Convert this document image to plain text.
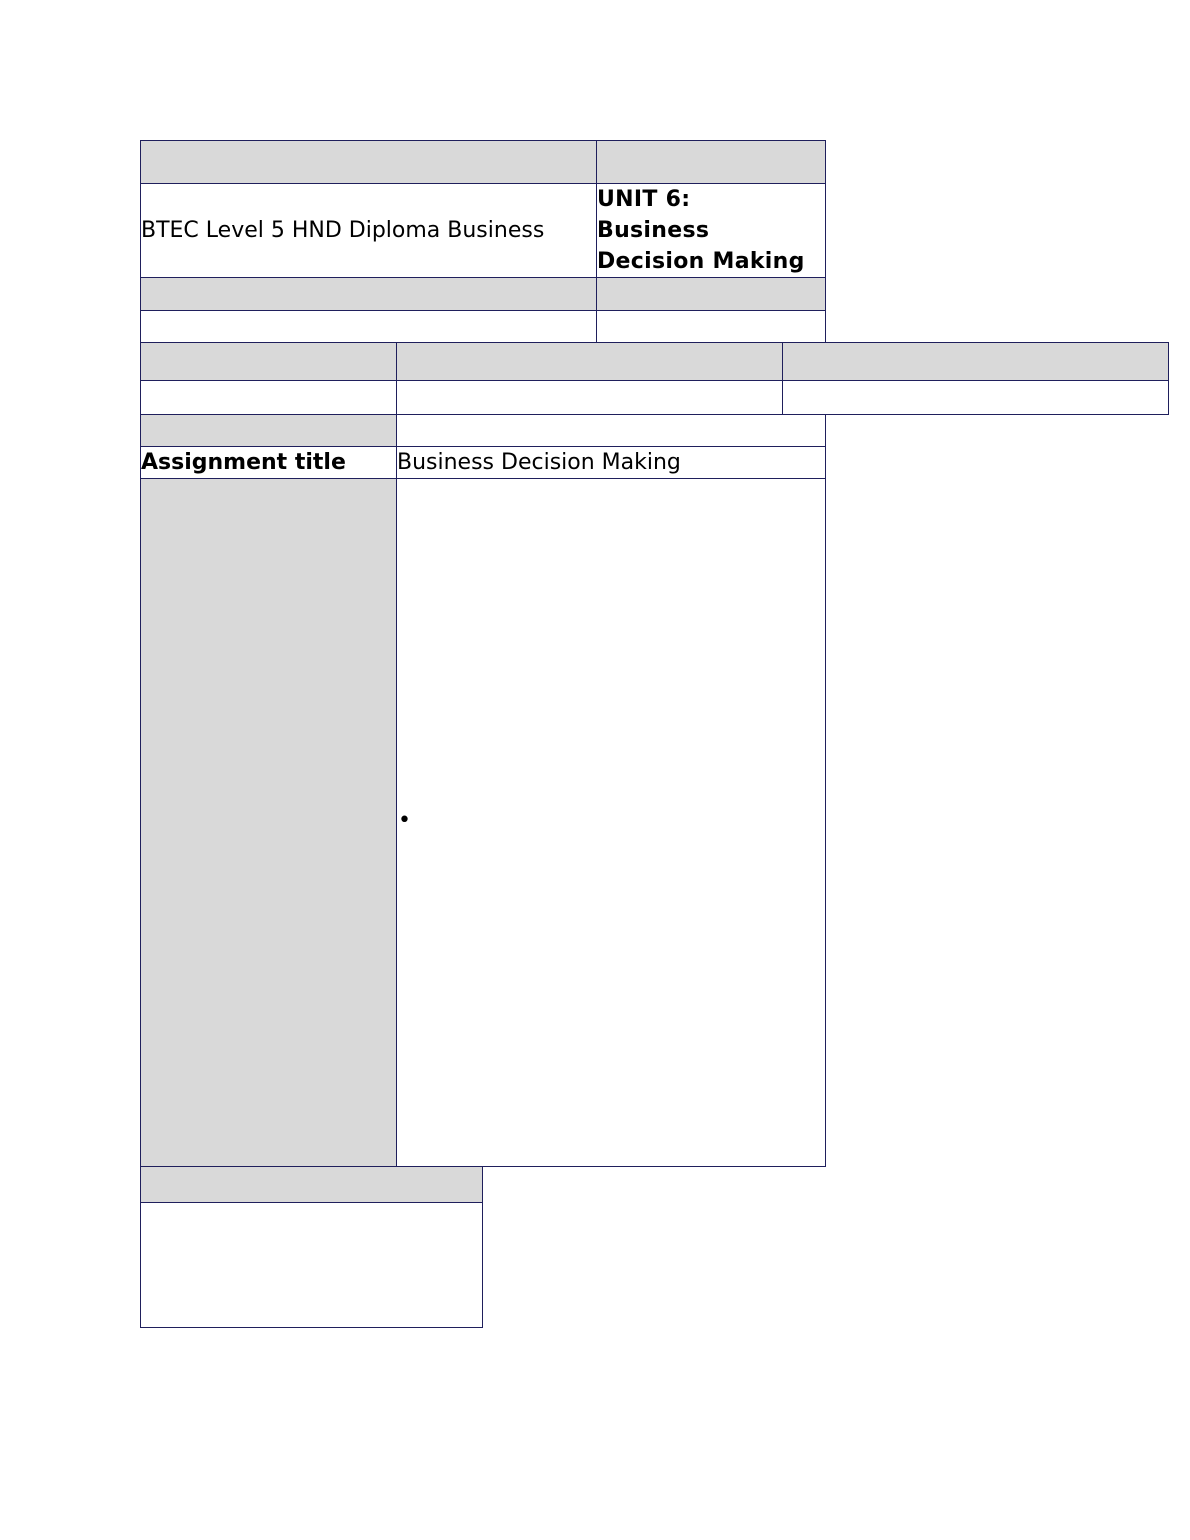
BTEC Level 5 HND Diploma Business
UNIT 6:
Business
Decision Making
Assignment title Business Decision Making
•
